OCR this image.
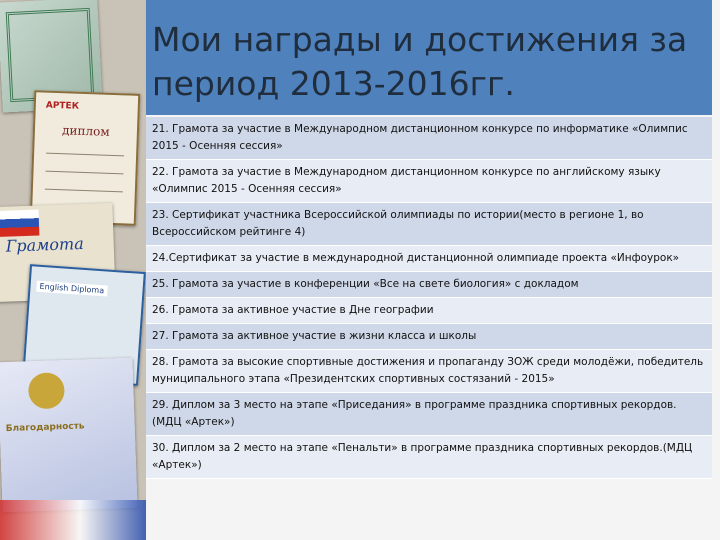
АРТЕК
диплом
Грамота
English Diploma
Благодарность
Мои награды и достижения за период 2013-2016гг.
21. Грамота за участие в Международном дистанционном конкурсе по информатике «Олимпис 2015 - Осенняя сессия»
22. Грамота за участие в Международном дистанционном конкурсе по английскому языку «Олимпис 2015 - Осенняя сессия»
23. Сертификат участника Всероссийской олимпиады по истории(место в регионе 1, во Всероссийском рейтинге 4)
24.Сертификат за участие в международной дистанционной олимпиаде проекта «Инфоурок»
25. Грамота за участие в конференции «Все на свете биология» с докладом
26. Грамота за активное участие в Дне географии
27. Грамота за активное участие в жизни класса и школы
28. Грамота за высокие спортивные достижения и пропаганду ЗОЖ среди молодёжи, победитель муниципального этапа «Президентских спортивных состязаний - 2015»
29. Диплом за 3 место на этапе «Приседания» в программе праздника спортивных рекордов.(МДЦ «Артек»)
30. Диплом за 2 место на этапе «Пенальти» в программе праздника спортивных рекордов.(МДЦ «Артек»)
